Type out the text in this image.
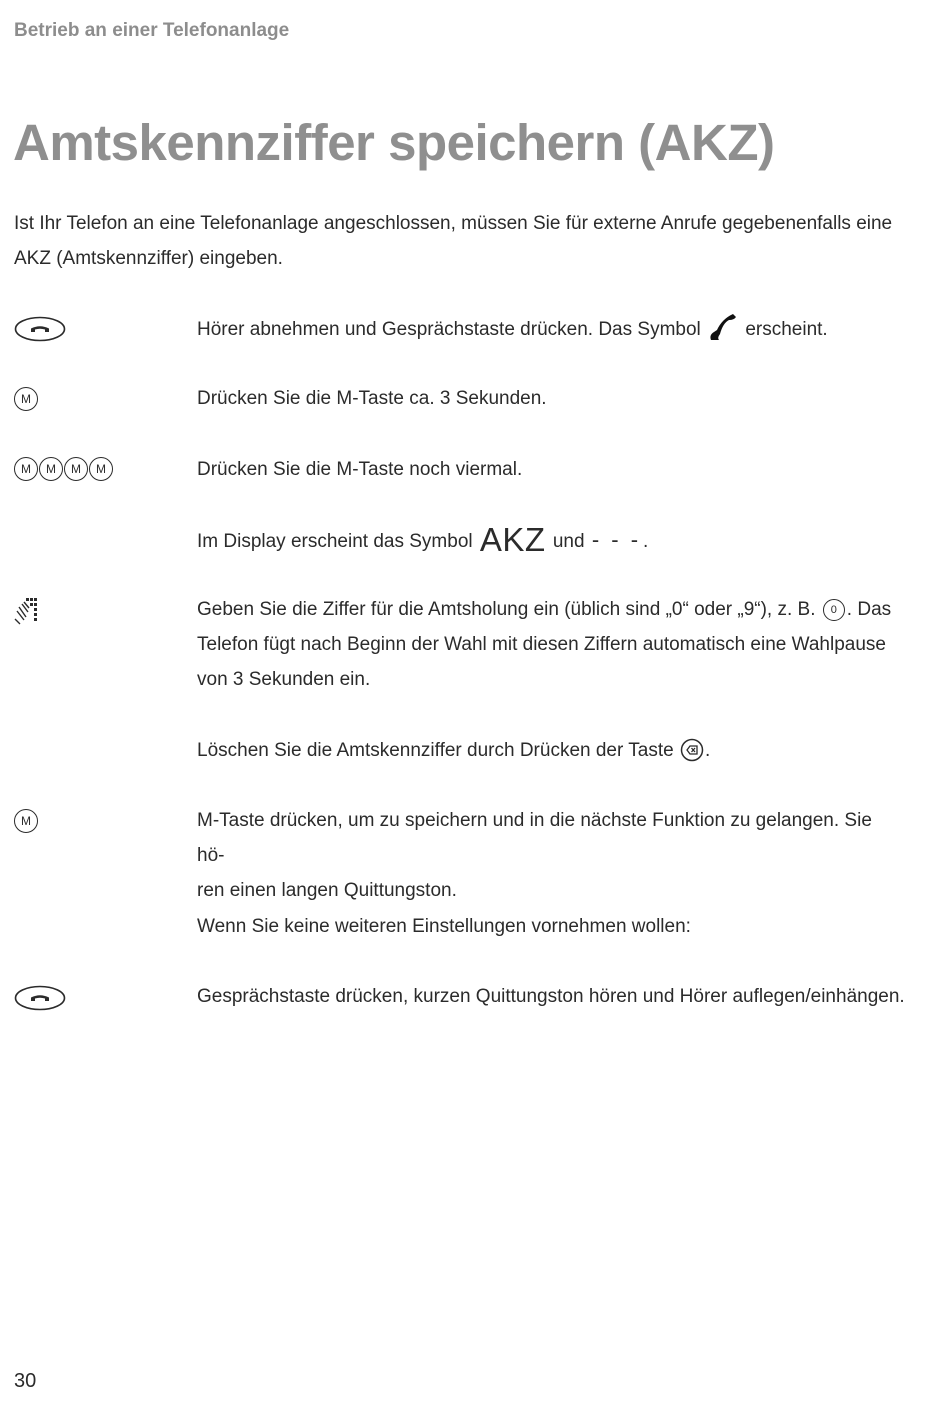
Betrieb an einer Telefonanlage
Amtskennziffer speichern (AKZ)

Ist Ihr Telefon an eine Telefonanlage angeschlossen, müssen Sie für externe Anrufe gegebenenfalls eine
AKZ (Amtskennziffer) eingeben.

Hörer abnehmen und Gesprächstaste drücken. Das Symbol erscheint.

M	Drücken Sie die M-Taste ca. 3 Sekunden.

M M M M	Drücken Sie die M-Taste noch viermal.

Im Display erscheint das Symbol AKZ und - - - .

Geben Sie die Ziffer für die Amtsholung ein (üblich sind „0“ oder „9“), z. B. 0 . Das
Telefon fügt nach Beginn der Wahl mit diesen Ziffern automatisch eine Wahlpause
von 3 Sekunden ein.

Löschen Sie die Amtskennziffer durch Drücken der Taste .

M	M-Taste drücken, um zu speichern und in die nächste Funktion zu gelangen. Sie hö-
ren einen langen Quittungston.

Wenn Sie keine weiteren Einstellungen vornehmen wollen:

Gesprächstaste drücken, kurzen Quittungston hören und Hörer auflegen/einhängen.

30
